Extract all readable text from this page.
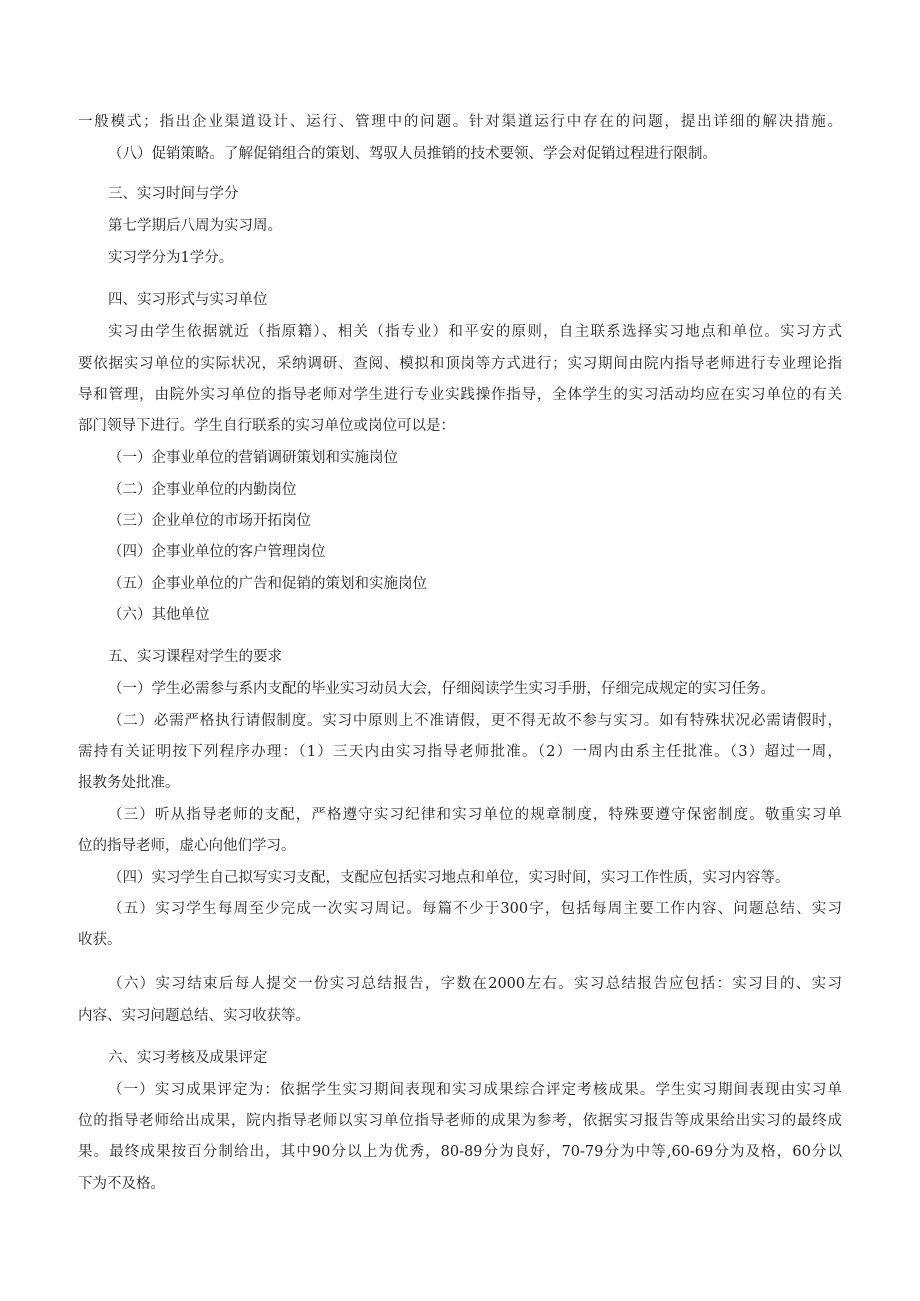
一般模式；指出企业渠道设计、运行、管理中的问题。针对渠道运行中存在的问题，提出详细的解决措施。
（八）促销策略。了解促销组合的策划、驾驭人员推销的技术要领、学会对促销过程进行限制。
三、实习时间与学分
第七学期后八周为实习周。
实习学分为1学分。
四、实习形式与实习单位
实习由学生依据就近（指原籍）、相关（指专业）和平安的原则，自主联系选择实习地点和单位。实习方式
要依据实习单位的实际状况，采纳调研、查阅、模拟和顶岗等方式进行；实习期间由院内指导老师进行专业理论指
导和管理，由院外实习单位的指导老师对学生进行专业实践操作指导，全体学生的实习活动均应在实习单位的有关
部门领导下进行。学生自行联系的实习单位或岗位可以是：
（一）企事业单位的营销调研策划和实施岗位
（二）企事业单位的内勤岗位
（三）企业单位的市场开拓岗位
（四）企事业单位的客户管理岗位
（五）企事业单位的广告和促销的策划和实施岗位
（六）其他单位
五、实习课程对学生的要求
（一）学生必需参与系内支配的毕业实习动员大会，仔细阅读学生实习手册，仔细完成规定的实习任务。
（二）必需严格执行请假制度。实习中原则上不准请假，更不得无故不参与实习。如有特殊状况必需请假时，
需持有关证明按下列程序办理：（1）三天内由实习指导老师批准。（2）一周内由系主任批准。（3）超过一周，
报教务处批准。
（三）听从指导老师的支配，严格遵守实习纪律和实习单位的规章制度，特殊要遵守保密制度。敬重实习单
位的指导老师，虚心向他们学习。
（四）实习学生自己拟写实习支配，支配应包括实习地点和单位，实习时间，实习工作性质，实习内容等。
（五）实习学生每周至少完成一次实习周记。每篇不少于300字，包括每周主要工作内容、问题总结、实习
收获。
（六）实习结束后每人提交一份实习总结报告，字数在2000左右。实习总结报告应包括：实习目的、实习
内容、实习问题总结、实习收获等。
六、实习考核及成果评定
（一）实习成果评定为：依据学生实习期间表现和实习成果综合评定考核成果。学生实习期间表现由实习单
位的指导老师给出成果，院内指导老师以实习单位指导老师的成果为参考，依据实习报告等成果给出实习的最终成
果。最终成果按百分制给出，其中90分以上为优秀，80-89分为良好，70-79分为中等,60-69分为及格，60分以
下为不及格。
